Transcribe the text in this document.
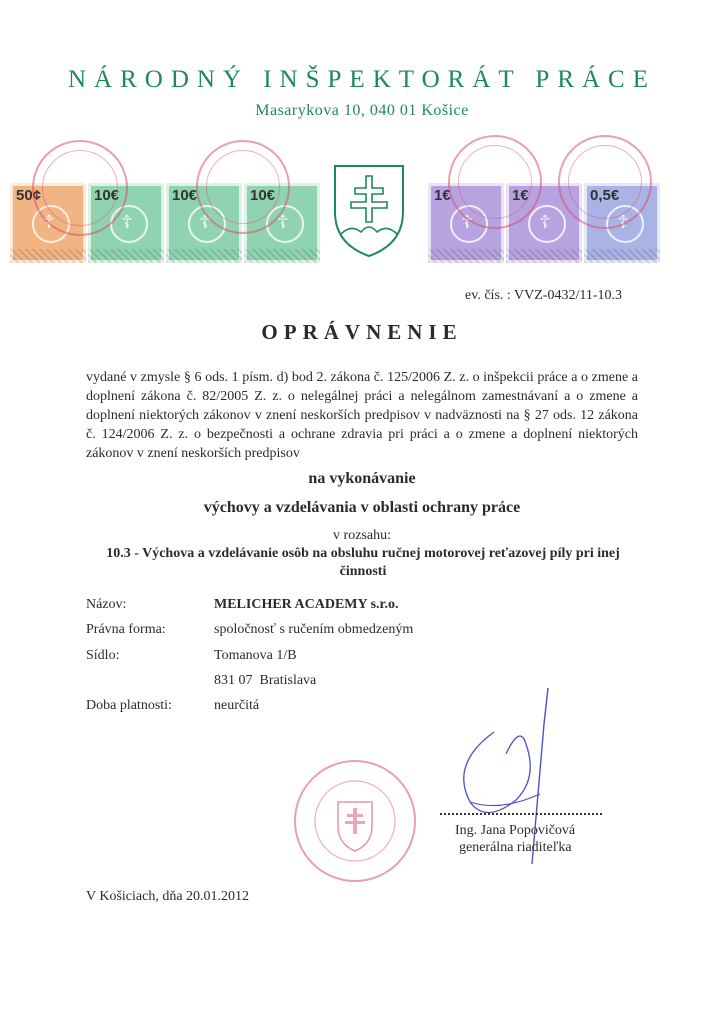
NÁRODNÝ INŠPEKTORÁT PRÁCE
Masarykova 10, 040 01 Košice
50¢
☦
10€
☦
10€
☦
10€
☦
1€
☦
1€
☦
0,5€
☦
ev. čís. : VVZ-0432/11-10.3
OPRÁVNENIE
vydané v zmysle § 6 ods. 1 písm. d) bod 2. zákona č. 125/2006 Z. z. o inšpekcii práce a o zmene a doplnení zákona č. 82/2005 Z. z. o nelegálnej práci a nelegálnom zamestnávaní a o zmene a doplnení niektorých zákonov v znení neskorších predpisov v nadväznosti na § 27 ods. 12 zákona č. 124/2006 Z. z. o bezpečnosti a ochrane zdravia pri práci a o zmene a doplnení niektorých zákonov v znení neskorších predpisov
na vykonávanie
výchovy a vzdelávania v oblasti ochrany práce
v rozsahu:
10.3 - Výchova a vzdelávanie osôb na obsluhu ručnej motorovej reťazovej píly pri inej činnosti
Názov:	MELICHER ACADEMY s.r.o.
Právna forma:	spoločnosť s ručením obmedzeným
Sídlo:	Tomanova 1/B
831 07  Bratislava
Doba platnosti:	neurčitá
Ing. Jana Popovičová
generálna riaditeľka
V Košiciach, dňa 20.01.2012
